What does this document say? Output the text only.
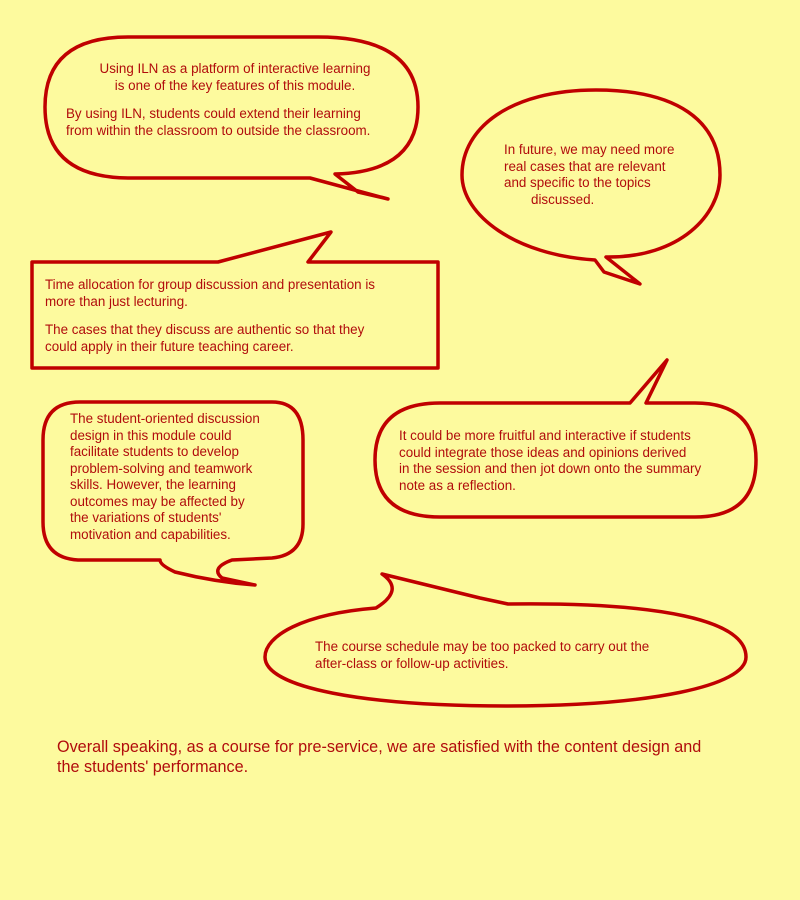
Using ILN as a platform of interactive learning

is one of the key features of this module.

By using ILN, students could extend their learning

from within the classroom to outside the classroom.

In future, we may need more

real cases that are relevant

and specific to the topics

discussed.

Time allocation for group discussion and presentation is

more than just lecturing.

The cases that they discuss are authentic so that they

could apply in their future teaching career.

The student-oriented discussion

design in this module could

facilitate students to develop

problem-solving and teamwork

skills. However, the learning

outcomes may be affected by

the variations of students'

motivation and capabilities.

It could be more fruitful and interactive if students

could integrate those ideas and opinions derived

in the session and then jot down onto the summary

note as a reflection.

The course schedule may be too packed to carry out the

after-class or follow-up activities.

Overall speaking, as a course for pre-service, we are satisfied with the content design and

the students' performance.
